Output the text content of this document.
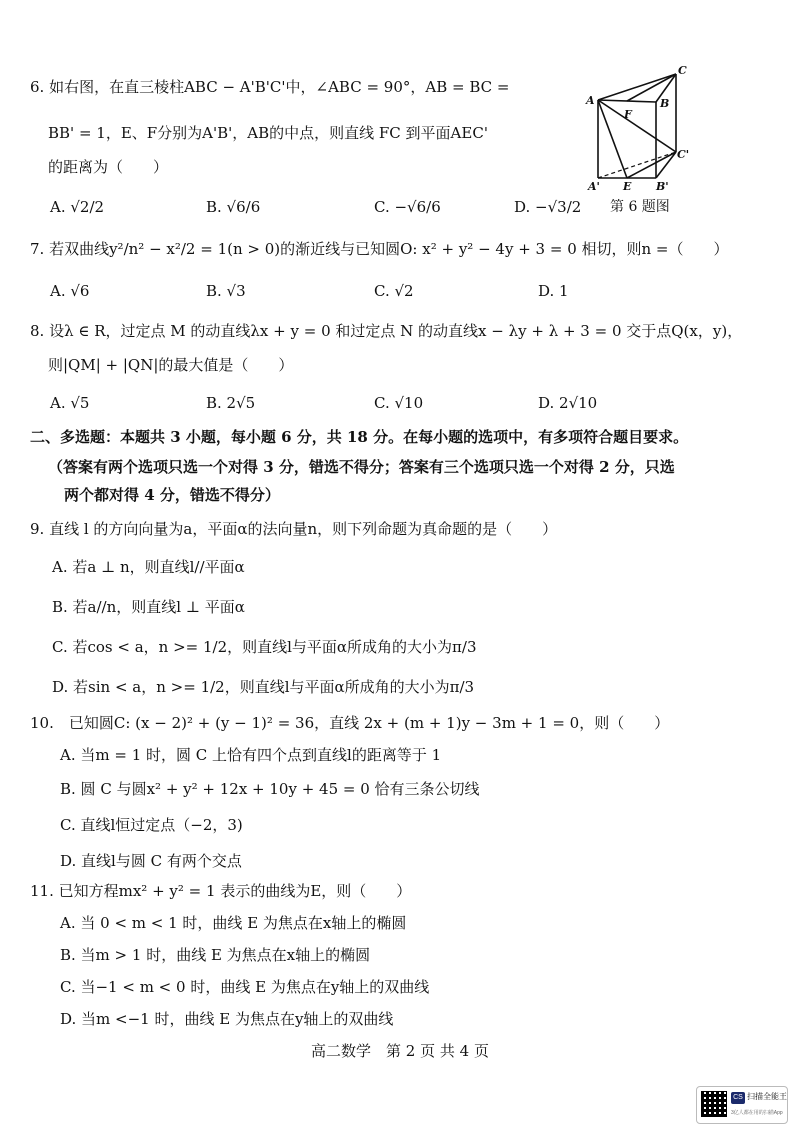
6. 如右图，在直三棱柱ABC − A'B'C'中，∠ABC = 90°，AB = BC =
BB' = 1，E、F分别为A'B'，AB的中点，则直线 FC 到平面AEC'
的距离为（　　）
A. √2/2	B. √6/6	C. −√6/6	D. −√3/2
A
C
B
F
C'
A' E B'
第 6 题图
7. 若双曲线y²/n² − x²/2 = 1(n > 0)的渐近线与已知圆O: x² + y² − 4y + 3 = 0 相切，则n =（　　）
A. √6	B. √3	C. √2	D. 1
8. 设λ ∈ R，过定点 M 的动直线λx + y = 0 和过定点 N 的动直线x − λy + λ + 3 = 0 交于点Q(x，y)，
则|QM| + |QN|的最大值是（　　）
A. √5	B. 2√5	C. √10	D. 2√10
二、多选题：本题共 3 小题，每小题 6 分，共 18 分。在每小题的选项中，有多项符合题目要求。
（答案有两个选项只选一个对得 3 分，错选不得分；答案有三个选项只选一个对得 2 分，只选
两个都对得 4 分，错选不得分）
9. 直线 l 的方向向量为a，平面α的法向量n，则下列命题为真命题的是（　　）
A. 若a ⊥ n，则直线l//平面α
B. 若a//n，则直线l ⊥ 平面α
C. 若cos < a，n >= 1/2，则直线l与平面α所成角的大小为π/3
D. 若sin < a，n >= 1/2，则直线l与平面α所成角的大小为π/3
10.　已知圆C: (x − 2)² + (y − 1)² = 36，直线 2x + (m + 1)y − 3m + 1 = 0，则（　　）
A. 当m = 1 时，圆 C 上恰有四个点到直线l的距离等于 1
B. 圆 C 与圆x² + y² + 12x + 10y + 45 = 0 恰有三条公切线
C. 直线l恒过定点（−2，3)
D. 直线l与圆 C 有两个交点
11. 已知方程mx² + y² = 1 表示的曲线为E，则（　　）
A. 当 0 < m < 1 时，曲线 E 为焦点在x轴上的椭圆
B. 当m > 1 时，曲线 E 为焦点在x轴上的椭圆
C. 当−1 < m < 0 时，曲线 E 为焦点在y轴上的双曲线
D. 当m <−1 时，曲线 E 为焦点在y轴上的双曲线
高二数学　第 2 页 共 4 页
CS 扫描全能王
3亿人都在用的扫描App
